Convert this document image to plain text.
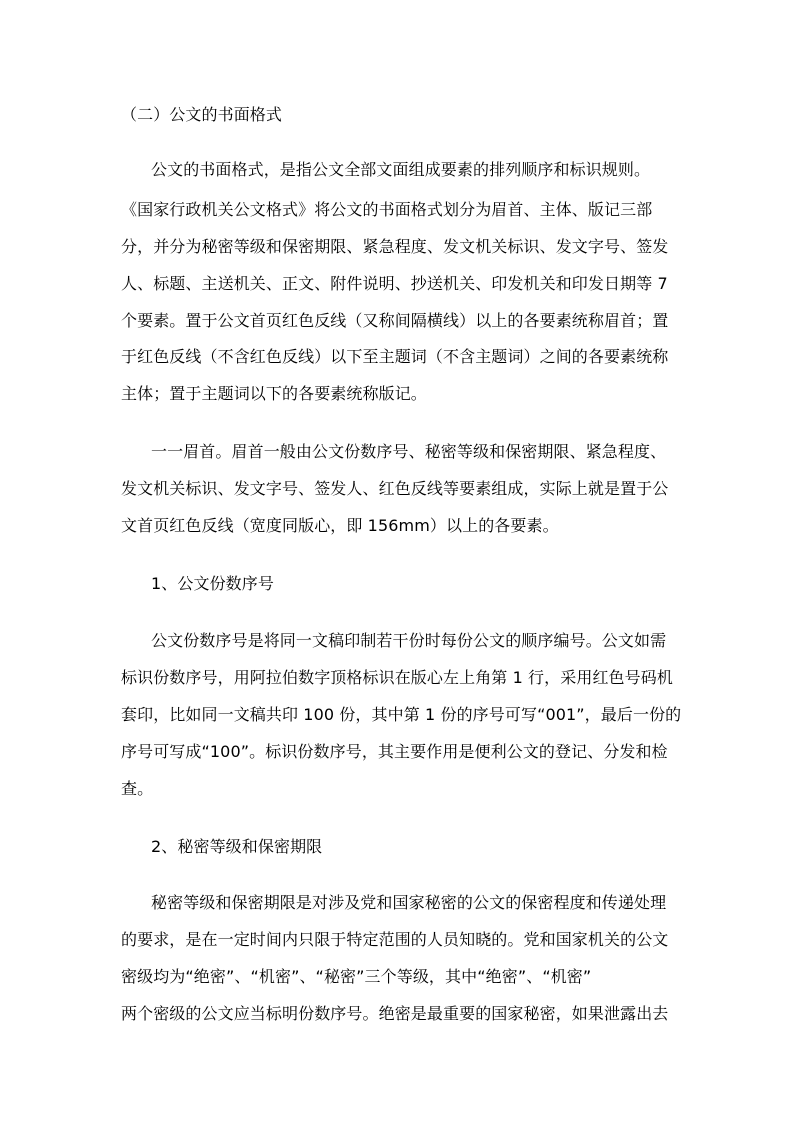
（二）公文的书面格式

公文的书面格式，是指公文全部文面组成要素的排列顺序和标识规则。

《国家行政机关公文格式》将公文的书面格式划分为眉首、主体、版记三部

分，并分为秘密等级和保密期限、紧急程度、发文机关标识、发文字号、签发

人、标题、主送机关、正文、附件说明、抄送机关、印发机关和印发日期等 7

个要素。置于公文首页红色反线（又称间隔横线）以上的各要素统称眉首；置

于红色反线（不含红色反线）以下至主题词（不含主题词）之间的各要素统称

主体；置于主题词以下的各要素统称版记。

一一眉首。眉首一般由公文份数序号、秘密等级和保密期限、紧急程度、

发文机关标识、发文字号、签发人、红色反线等要素组成，实际上就是置于公

文首页红色反线（宽度同版心，即 156mm）以上的各要素。

1、公文份数序号

公文份数序号是将同一文稿印制若干份时每份公文的顺序编号。公文如需

标识份数序号，用阿拉伯数字顶格标识在版心左上角第 1 行，采用红色号码机

套印，比如同一文稿共印 100 份，其中第 1 份的序号可写“001”，最后一份的

序号可写成“100”。标识份数序号，其主要作用是便利公文的登记、分发和检

查。

2、秘密等级和保密期限

秘密等级和保密期限是对涉及党和国家秘密的公文的保密程度和传递处理

的要求，是在一定时间内只限于特定范围的人员知晓的。党和国家机关的公文

密级均为“绝密”、“机密”、“秘密”三个等级，其中“绝密”、“机密”

两个密级的公文应当标明份数序号。绝密是最重要的国家秘密，如果泄露出去
